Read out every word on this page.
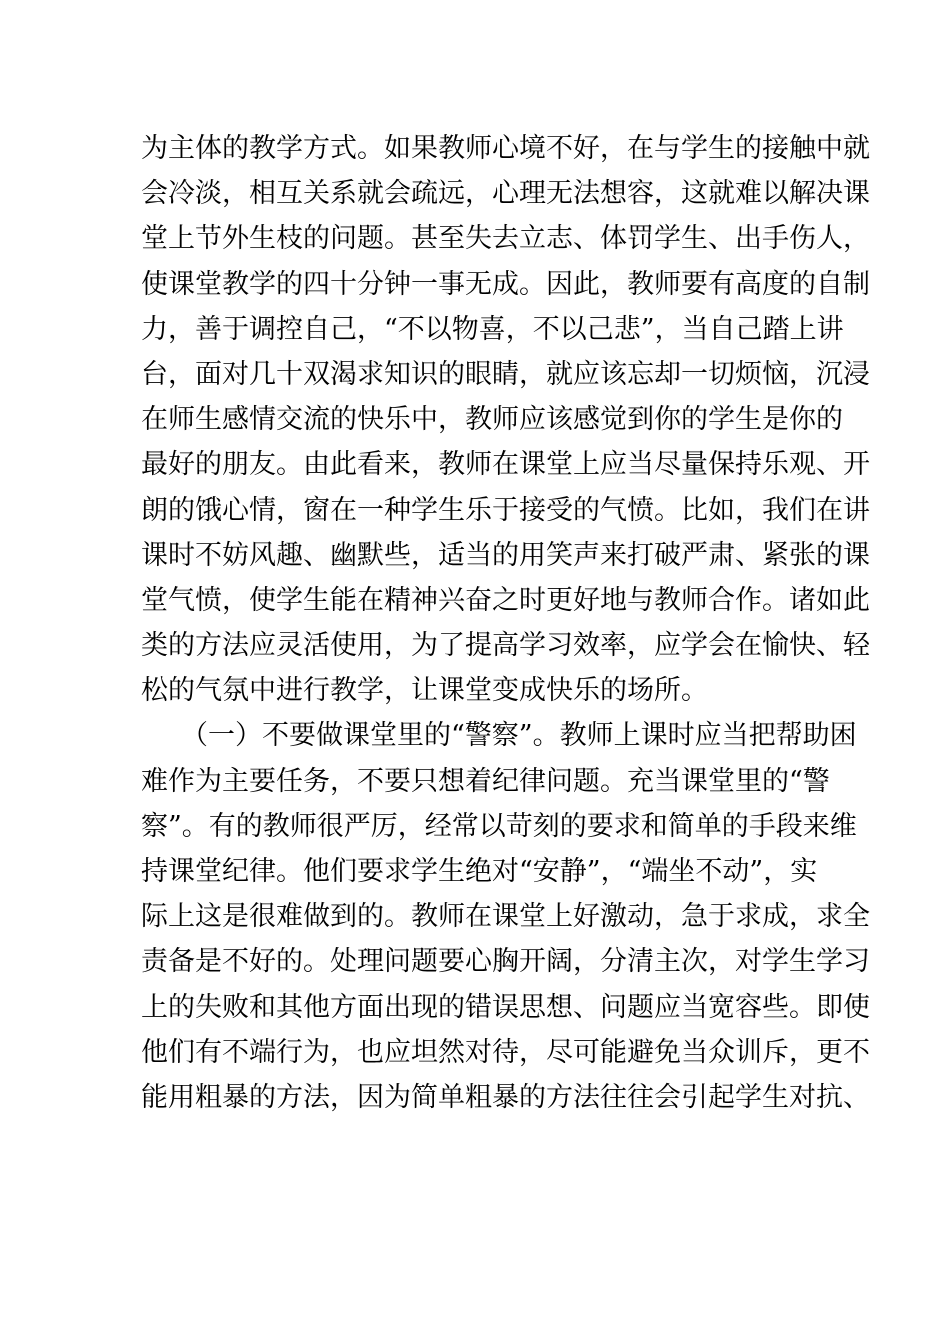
为主体的教学方式。如果教师心境不好，在与学生的接触中就
会冷淡，相互关系就会疏远，心理无法想容，这就难以解决课
堂上节外生枝的问题。甚至失去立志、体罚学生、出手伤人，
使课堂教学的四十分钟一事无成。因此，教师要有高度的自制
力，善于调控自己，“不以物喜，不以己悲”，当自己踏上讲
台，面对几十双渴求知识的眼睛，就应该忘却一切烦恼，沉浸
在师生感情交流的快乐中，教师应该感觉到你的学生是你的
最好的朋友。由此看来，教师在课堂上应当尽量保持乐观、开
朗的饿心情，窗在一种学生乐于接受的气愤。比如，我们在讲
课时不妨风趣、幽默些，适当的用笑声来打破严肃、紧张的课
堂气愤，使学生能在精神兴奋之时更好地与教师合作。诸如此
类的方法应灵活使用，为了提高学习效率，应学会在愉快、轻
松的气氛中进行教学，让课堂变成快乐的场所。
（一）不要做课堂里的“警察”。教师上课时应当把帮助困
难作为主要任务，不要只想着纪律问题。充当课堂里的“警
察”。有的教师很严厉，经常以苛刻的要求和简单的手段来维
持课堂纪律。他们要求学生绝对“安静”，“端坐不动”，实
际上这是很难做到的。教师在课堂上好激动，急于求成，求全
责备是不好的。处理问题要心胸开阔，分清主次，对学生学习
上的失败和其他方面出现的错误思想、问题应当宽容些。即使
他们有不端行为，也应坦然对待，尽可能避免当众训斥，更不
能用粗暴的方法，因为简单粗暴的方法往往会引起学生对抗、
